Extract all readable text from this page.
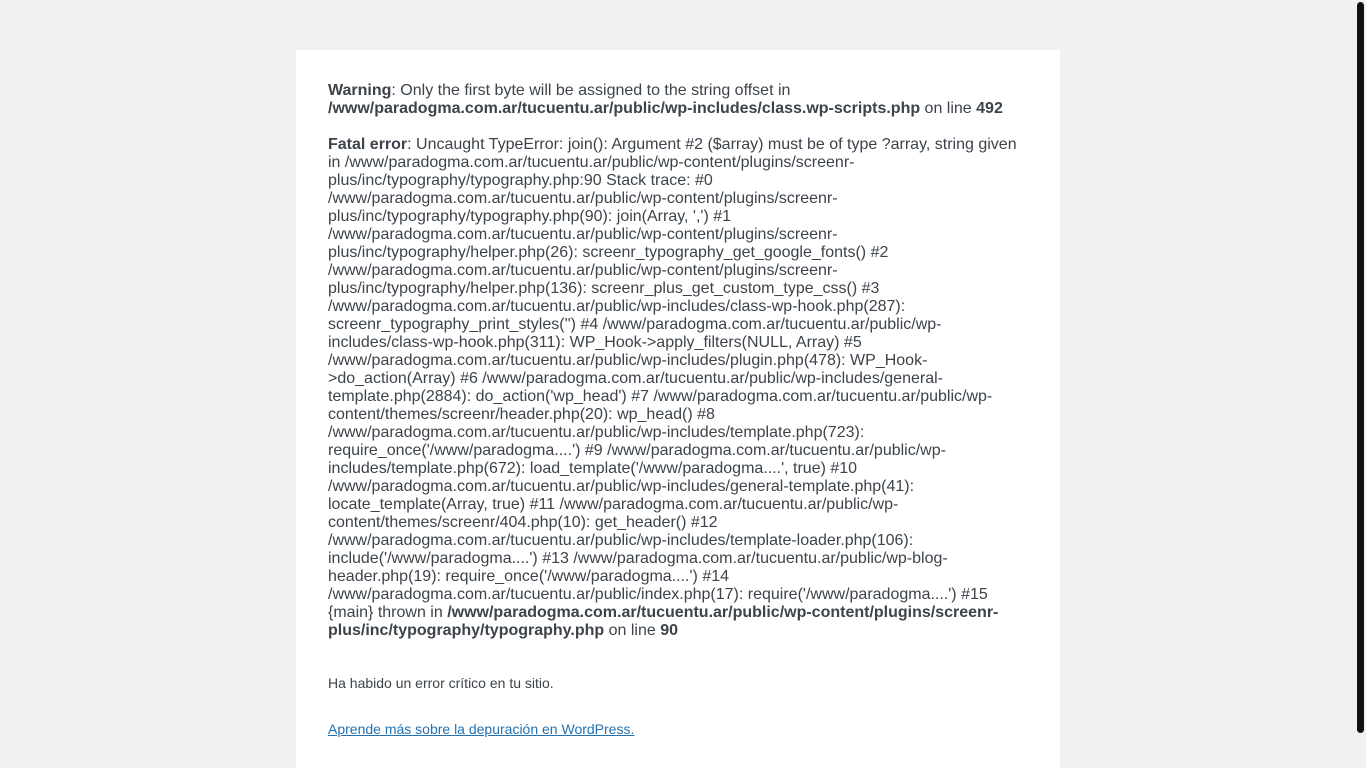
Warning: Only the first byte will be assigned to the string offset in /www/paradogma.com.ar/tucuentu.ar/public/wp-includes/class.wp-scripts.php on line 492
Fatal error: Uncaught TypeError: join(): Argument #2 ($array) must be of type ?array, string given in /www/paradogma.com.ar/tucuentu.ar/public/wp-content/plugins/screenr-plus/inc/typography/typography.php:90 Stack trace: #0 /www/paradogma.com.ar/tucuentu.ar/public/wp-content/plugins/screenr-plus/inc/typography/typography.php(90): join(Array, ',') #1 /www/paradogma.com.ar/tucuentu.ar/public/wp-content/plugins/screenr-plus/inc/typography/helper.php(26): screenr_typography_get_google_fonts() #2 /www/paradogma.com.ar/tucuentu.ar/public/wp-content/plugins/screenr-plus/inc/typography/helper.php(136): screenr_plus_get_custom_type_css() #3 /www/paradogma.com.ar/tucuentu.ar/public/wp-includes/class-wp-hook.php(287): screenr_typography_print_styles('') #4 /www/paradogma.com.ar/tucuentu.ar/public/wp-includes/class-wp-hook.php(311): WP_Hook->apply_filters(NULL, Array) #5 /www/paradogma.com.ar/tucuentu.ar/public/wp-includes/plugin.php(478): WP_Hook->do_action(Array) #6 /www/paradogma.com.ar/tucuentu.ar/public/wp-includes/general-template.php(2884): do_action('wp_head') #7 /www/paradogma.com.ar/tucuentu.ar/public/wp-content/themes/screenr/header.php(20): wp_head() #8 /www/paradogma.com.ar/tucuentu.ar/public/wp-includes/template.php(723): require_once('/www/paradogma....') #9 /www/paradogma.com.ar/tucuentu.ar/public/wp-includes/template.php(672): load_template('/www/paradogma....', true) #10 /www/paradogma.com.ar/tucuentu.ar/public/wp-includes/general-template.php(41): locate_template(Array, true) #11 /www/paradogma.com.ar/tucuentu.ar/public/wp-content/themes/screenr/404.php(10): get_header() #12 /www/paradogma.com.ar/tucuentu.ar/public/wp-includes/template-loader.php(106): include('/www/paradogma....') #13 /www/paradogma.com.ar/tucuentu.ar/public/wp-blog-header.php(19): require_once('/www/paradogma....') #14 /www/paradogma.com.ar/tucuentu.ar/public/index.php(17): require('/www/paradogma....') #15 {main} thrown in /www/paradogma.com.ar/tucuentu.ar/public/wp-content/plugins/screenr-plus/inc/typography/typography.php on line 90
Ha habido un error crítico en tu sitio.
Aprende más sobre la depuración en WordPress.
